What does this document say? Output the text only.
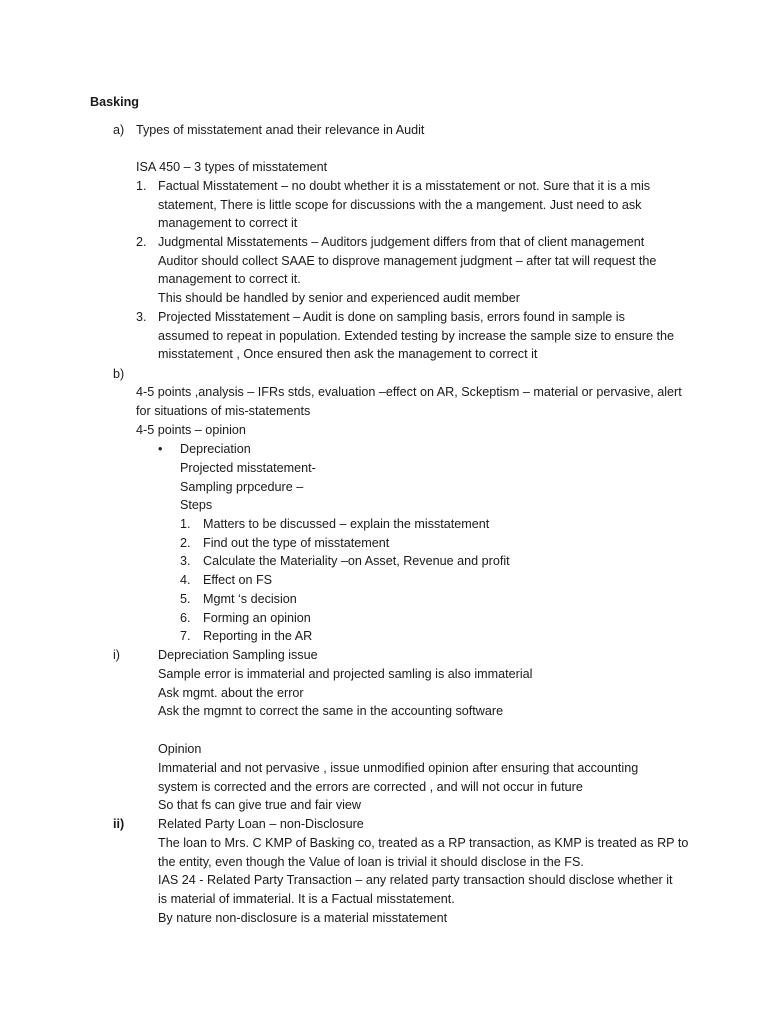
Basking
a) Types of misstatement anad their relevance in Audit
ISA 450 – 3 types of misstatement
1. Factual Misstatement – no doubt whether it is a misstatement or not. Sure that it is a mis
statement, There is little scope for discussions with the a mangement. Just need to ask
management to correct it
2. Judgmental Misstatements – Auditors judgement differs from that of client management
Auditor should collect SAAE to disprove management judgment – after tat will request the
management to correct it.
This should be handled by senior and experienced audit member
3. Projected Misstatement – Audit is done on sampling basis, errors found in sample is
assumed to repeat in population. Extended testing by increase the sample size to ensure the
misstatement , Once ensured then ask the management to correct it
b)
4-5 points ,analysis – IFRs stds, evaluation –effect on AR, Sckeptism – material or pervasive, alert
for situations of mis-statements
4-5 points – opinion
• Depreciation
Projected misstatement-
Sampling prpcedure –
Steps
1. Matters to be discussed – explain the misstatement
2. Find out the type of misstatement
3. Calculate the Materiality –on Asset, Revenue and profit
4. Effect on FS
5. Mgmt ‘s decision
6. Forming an opinion
7. Reporting in the AR
i)	Depreciation Sampling issue
Sample error is immaterial and projected samling is also immaterial
Ask mgmt. about the error
Ask the mgmnt to correct the same in the accounting software
Opinion
Immaterial and not pervasive , issue unmodified opinion after ensuring that accounting
system is corrected and the errors are corrected , and will not occur in future
So that fs can give true and fair view
ii)	Related Party Loan – non-Disclosure
The loan to Mrs. C KMP of Basking co, treated as a RP transaction, as KMP is treated as RP to
the entity, even though the Value of loan is trivial it should disclose in the FS.
IAS 24 - Related Party Transaction – any related party transaction should disclose whether it
is material of immaterial. It is a Factual misstatement.
By nature non-disclosure is a material misstatement
